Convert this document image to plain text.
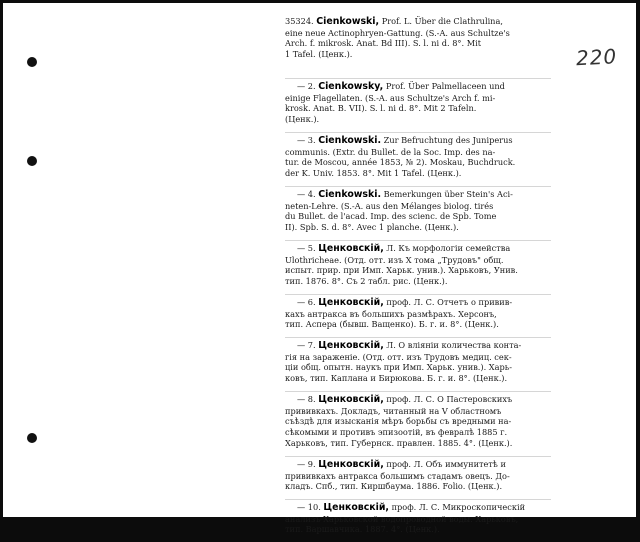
220
35324. Cienkowski, Prof. L. Über die Clathrulina,
eine neue Actinophryen-Gattung. (S.-A. aus Schultze's
Arch. f. mikrosk. Anat. Bd III). S. l. ni d. 8°. Mit
1 Tafel. (Ценк.).
— 2. Cienkowsky, Prof. Über Palmellaceen und
einige Flagellaten. (S.-A. aus Schultze's Arch f. mi-
krosk. Anat. B. VII). S. l. ni d. 8°. Mit 2 Tafeln.
(Ценк.).
— 3. Cienkowski. Zur Befruchtung des Juniperus
communis. (Extr. du Bullet. de la Soc. Imp. des na-
tur. de Moscou, année 1853, № 2). Moskau, Buchdruck.
der K. Univ. 1853. 8°. Mit 1 Tafel. (Ценк.).
— 4. Cienkowski. Bemerkungen über Stein's Aci-
neten-Lehre. (S.-A. aus den Mélanges biolog. tirés
du Bullet. de l'acad. Imp. des scienc. de Spb. Tome
II). Spb. S. d. 8°. Avec 1 planche. (Ценк.).
— 5. Ценковскій, Л. Къ морфологіи семейства
Ulothricheae. (Отд. отт. изъ X тома „Трудовъ" общ.
испыт. прир. при Имп. Харьк. унив.). Харьковъ, Унив.
тип. 1876. 8°. Съ 2 табл. рис. (Ценк.).
— 6. Ценковскій, проф. Л. С. Отчетъ о привив-
кахъ антракса въ большихъ размѣрахъ. Херсонъ,
тип. Аспера (бывш. Ващенко). Б. г. и. 8°. (Ценк.).
— 7. Ценковскій, Л. О вліяніи количества конта-
гія на зараженіе. (Отд. отт. изъ Трудовъ медиц. сек-
ціи общ. опытн. наукъ при Имп. Харьк. унив.). Харь-
ковъ, тип. Каплана и Бирюкова. Б. г. и. 8°. (Ценк.).
— 8. Ценковскій, проф. Л. С. О Пастеровскихъ
прививкахъ. Докладъ, читанный на V областномъ
съѣздѣ для изысканія мѣръ борьбы съ вредными на-
сѣкомыми и противъ эпизоотій, въ февралѣ 1885 г.
Харьковъ, тип. Губернск. правлен. 1885. 4°. (Ценк.).
— 9. Ценковскій, проф. Л. Объ иммунитетѣ и
прививкахъ антракса большимъ стадамъ овецъ. До-
кладъ. Спб., тип. Киршбаума. 1886. Folio. (Ценк.).
— 10. Ценковскій, проф. Л. С. Микроскопическій
анализъ Харьковской водопроводной воды. Харьковъ,
тип. Варшавчика. 1887. 4°. (Ценк.).
